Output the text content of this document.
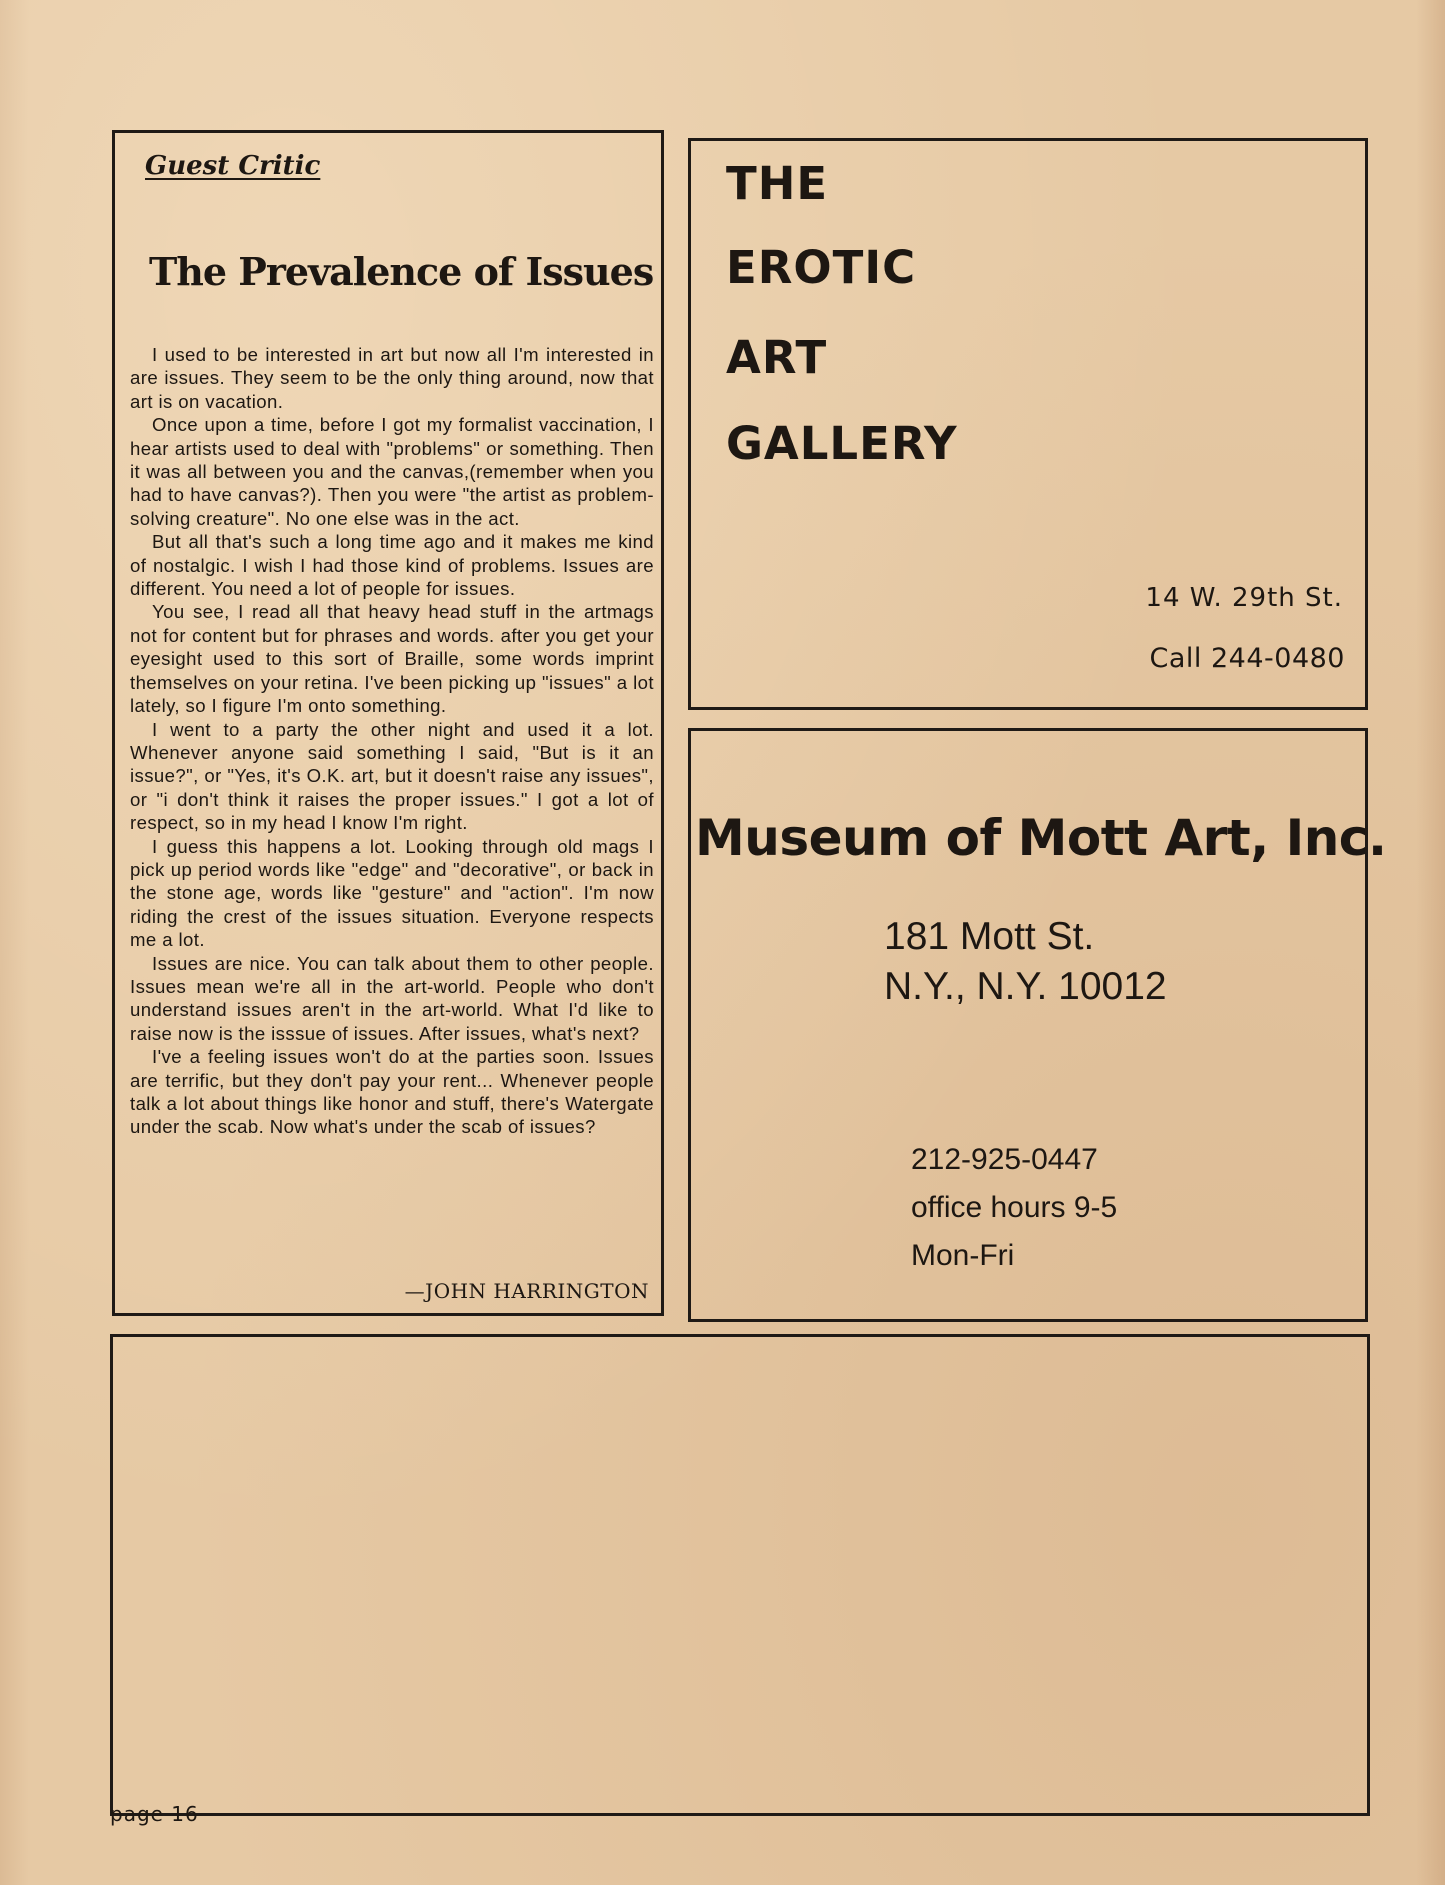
Guest Critic
The Prevalence of Issues

I used to be interested in art but now all I'm interested in are issues. They seem to be the only thing around, now that art is on vacation.

Once upon a time, before I got my formalist vaccination, I hear artists used to deal with "problems" or something. Then it was all between you and the canvas,(remember when you had to have canvas?). Then you were "the artist as problem-solving creature". No one else was in the act.

But all that's such a long time ago and it makes me kind of nostalgic. I wish I had those kind of problems. Issues are different. You need a lot of people for issues.

You see, I read all that heavy head stuff in the artmags not for content but for phrases and words. after you get your eyesight used to this sort of Braille, some words imprint themselves on your retina. I've been picking up "issues" a lot lately, so I figure I'm onto something.

I went to a party the other night and used it a lot. Whenever anyone said something I said, "But is it an issue?", or "Yes, it's O.K. art, but it doesn't raise any issues", or "i don't think it raises the proper issues." I got a lot of respect, so in my head I know I'm right.

I guess this happens a lot. Looking through old mags I pick up period words like "edge" and "decorative", or back in the stone age, words like "gesture" and "action". I'm now riding the crest of the issues situation. Everyone respects me a lot.

Issues are nice. You can talk about them to other people. Issues mean we're all in the art-world. People who don't understand issues aren't in the art-world. What I'd like to raise now is the isssue of issues. After issues, what's next?

I've a feeling issues won't do at the parties soon. Issues are terrific, but they don't pay your rent... Whenever people talk a lot about things like honor and stuff, there's Watergate under the scab. Now what's under the scab of issues?

—JOHN HARRINGTON
THE
EROTIC
ART
GALLERY
14 W. 29th St.
Call 244-0480
Museum of Mott Art, Inc.
181 Mott St.
N.Y., N.Y. 10012
212-925-0447
office hours 9-5
Mon-Fri
page 16
